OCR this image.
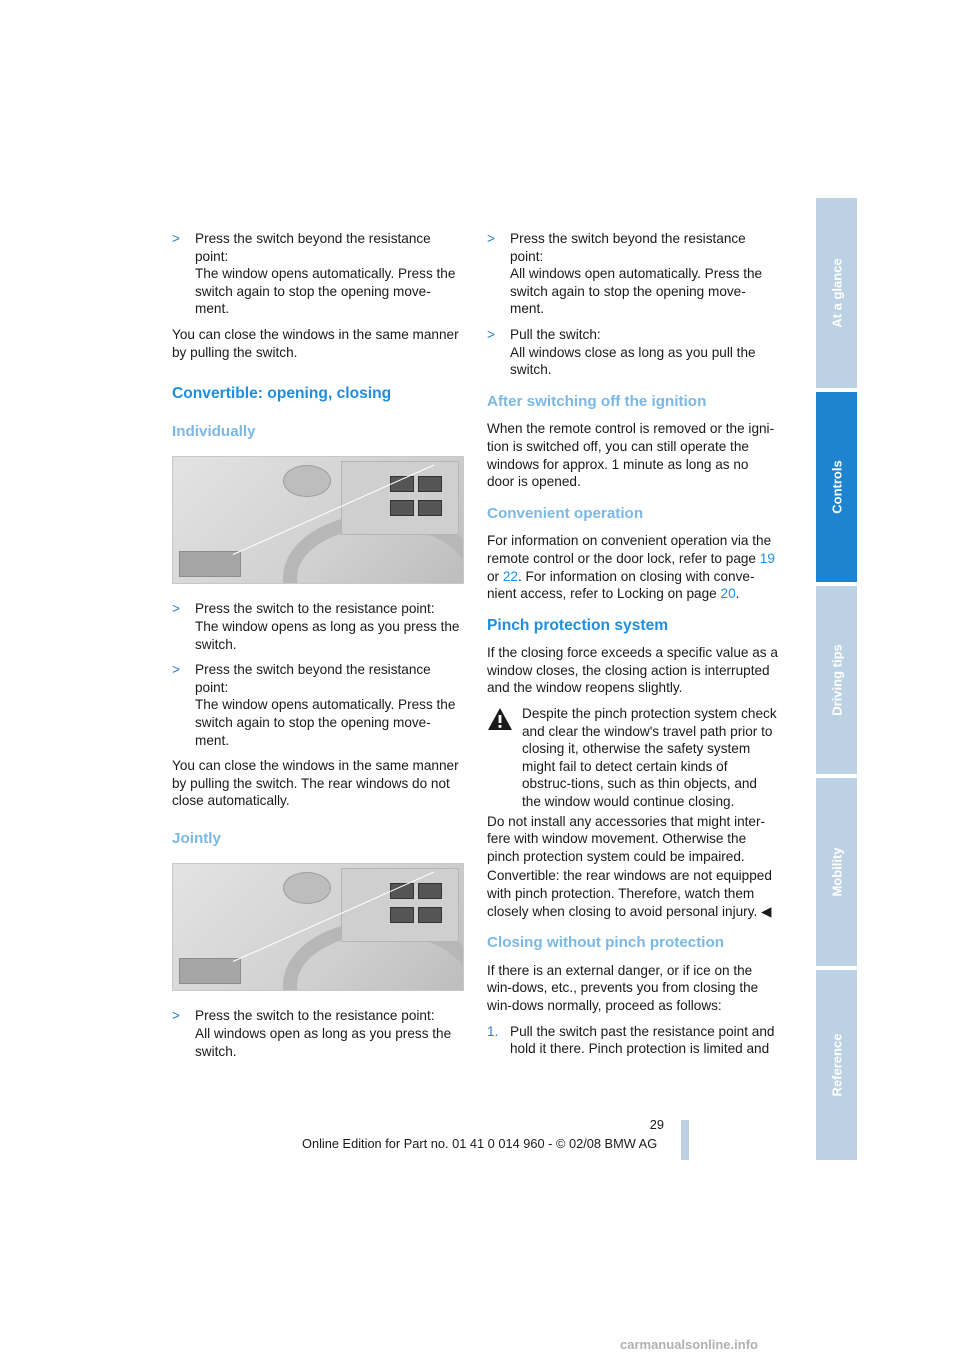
> Press the switch beyond the resistance point:
The window opens automatically. Press the switch again to stop the opening move-ment.

You can close the windows in the same manner by pulling the switch.

Convertible: opening, closing
Individually
> Press the switch to the resistance point:
The window opens as long as you press the switch.
> Press the switch beyond the resistance point:
The window opens automatically. Press the switch again to stop the opening move-ment.

You can close the windows in the same manner by pulling the switch. The rear windows do not close automatically.

Jointly
> Press the switch to the resistance point:
All windows open as long as you press the switch.
> Press the switch beyond the resistance point:
All windows open automatically. Press the switch again to stop the opening move-ment.
> Pull the switch:
All windows close as long as you pull the switch.
After switching off the ignition

When the remote control is removed or the igni-tion is switched off, you can still operate the windows for approx. 1 minute as long as no door is opened.

Convenient operation

For information on convenient operation via the remote control or the door lock, refer to page 19 or 22. For information on closing with conve-nient access, refer to Locking on page 20.

Pinch protection system

If the closing force exceeds a specific value as a window closes, the closing action is interrupted and the window reopens slightly.

Despite the pinch protection system check and clear the window's travel path prior to closing it, otherwise the safety system might fail to detect certain kinds of obstruc-tions, such as thin objects, and the window would continue closing.

Do not install any accessories that might inter-fere with window movement. Otherwise the pinch protection system could be impaired.

Convertible: the rear windows are not equipped with pinch protection. Therefore, watch them closely when closing to avoid personal injury. ◀

Closing without pinch protection

If there is an external danger, or if ice on the win-dows, etc., prevents you from closing the win-dows normally, proceed as follows:

1. Pull the switch past the resistance point and hold it there. Pinch protection is limited and
At a glance
Controls
Driving tips
Mobility
Reference
29
Online Edition for Part no. 01 41 0 014 960 - © 02/08 BMW AG
carmanualsonline.info
